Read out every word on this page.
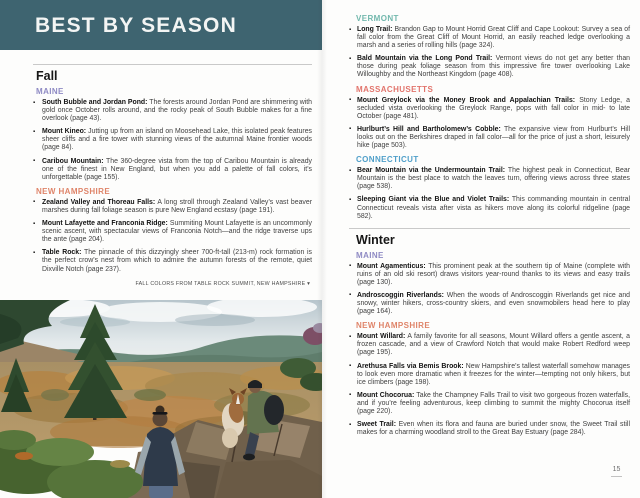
BEST BY SEASON
Fall
MAINE
▪ South Bubble and Jordan Pond: The forests around Jordan Pond are shimmering with gold once October rolls around, and the rocky peak of South Bubble makes for a fine overlook (page 43).
▪ Mount Kineo: Jutting up from an island on Moosehead Lake, this isolated peak features sheer cliffs and a fire tower with stunning views of the autumnal Maine frontier woods (page 84).
▪ Caribou Mountain: The 360-degree vista from the top of Caribou Mountain is already one of the finest in New England, but when you add a palette of fall colors, it’s unforgettable (page 155).
NEW HAMPSHIRE
▪ Zealand Valley and Thoreau Falls: A long stroll through Zealand Valley’s vast beaver marshes during fall foliage season is pure New England ecstasy (page 191).
▪ Mount Lafayette and Franconia Ridge: Summiting Mount Lafayette is an uncommonly scenic ascent, with spectacular views of Franconia Notch—and the ridge traverse ups the ante (page 204).
▪ Table Rock: The pinnacle of this dizzyingly sheer 700-ft-tall (213-m) rock formation is the perfect crow’s nest from which to admire the autumn forests of the remote, quiet Dixville Notch (page 237).
FALL COLORS FROM TABLE ROCK SUMMIT, NEW HAMPSHIRE ▾
VERMONT
▪ Long Trail: Brandon Gap to Mount Horrid Great Cliff and Cape Lookout: Survey a sea of fall color from the Great Cliff of Mount Horrid, an easily reached ledge overlooking a marsh and a series of rolling hills (page 324).
▪ Bald Mountain via the Long Pond Trail: Vermont views do not get any better than those during peak foliage season from this impressive fire tower overlooking Lake Willoughby and the Northeast Kingdom (page 408).
MASSACHUSETTS
▪ Mount Greylock via the Money Brook and Appalachian Trails: Stony Ledge, a secluded vista overlooking the Greylock Range, pops with fall color in mid- to late October (page 481).
▪ Hurlburt’s Hill and Bartholomew’s Cobble: The expansive view from Hurlburt’s Hill looks out on the Berkshires draped in fall color—all for the price of just a short, leisurely hike (page 503).
CONNECTICUT
▪ Bear Mountain via the Undermountain Trail: The highest peak in Connecticut, Bear Mountain is the best place to watch the leaves turn, offering views across three states (page 538).
▪ Sleeping Giant via the Blue and Violet Trails: This commanding mountain in central Connecticut reveals vista after vista as hikers move along its colorful ridgeline (page 582).
Winter
MAINE
▪ Mount Agamenticus: This prominent peak at the southern tip of Maine (complete with ruins of an old ski resort) draws visitors year-round thanks to its views and easy trails (page 130).
▪ Androscoggin Riverlands: When the woods of Androscoggin Riverlands get nice and snowy, winter hikers, cross-country skiers, and even snowmobilers head here to play (page 164).
NEW HAMPSHIRE
▪ Mount Willard: A family favorite for all seasons, Mount Willard offers a gentle ascent, a frozen cascade, and a view of Crawford Notch that would make Robert Redford weep (page 195).
▪ Arethusa Falls via Bemis Brook: New Hampshire’s tallest waterfall somehow manages to look even more dramatic when it freezes for the winter—tempting not only hikers, but ice climbers (page 198).
▪ Mount Chocorua: Take the Champney Falls Trail to visit two gorgeous frozen waterfalls, and if you’re feeling adventurous, keep climbing to summit the mighty Chocorua itself (page 220).
▪ Sweet Trail: Even when its flora and fauna are buried under snow, the Sweet Trail still makes for a charming woodland stroll to the Great Bay Estuary (page 284).
15
